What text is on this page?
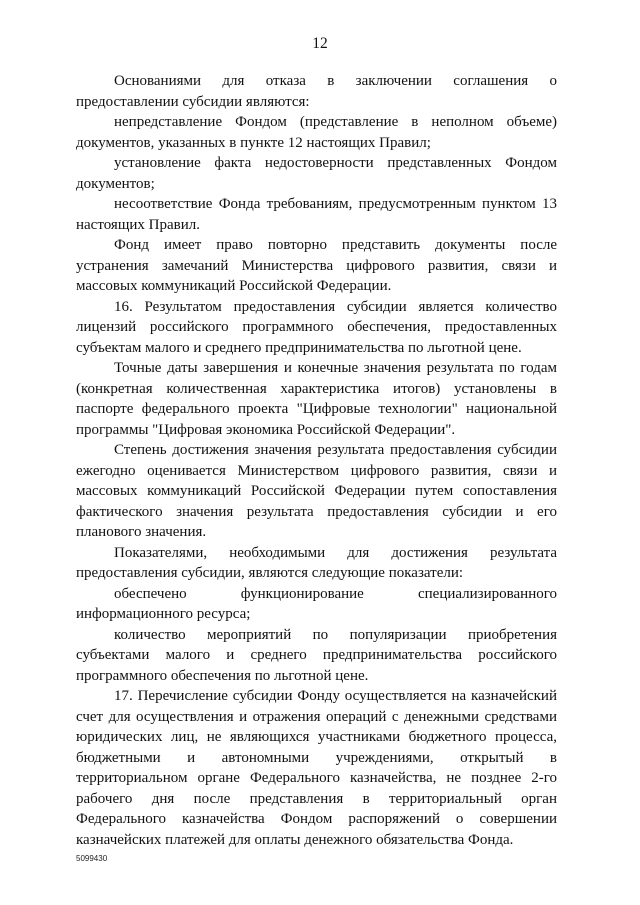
12

Основаниями для отказа в заключении соглашения о предоставлении субсидии являются:

непредставление Фондом (представление в неполном объеме) документов, указанных в пункте 12 настоящих Правил;

установление факта недостоверности представленных Фондом документов;

несоответствие Фонда требованиям, предусмотренным пунктом 13 настоящих Правил.

Фонд имеет право повторно представить документы после устранения замечаний Министерства цифрового развития, связи и массовых коммуникаций Российской Федерации.

16. Результатом предоставления субсидии является количество лицензий российского программного обеспечения, предоставленных субъектам малого и среднего предпринимательства по льготной цене.

Точные даты завершения и конечные значения результата по годам (конкретная количественная характеристика итогов) установлены в паспорте федерального проекта "Цифровые технологии" национальной программы "Цифровая экономика Российской Федерации".

Степень достижения значения результата предоставления субсидии ежегодно оценивается Министерством цифрового развития, связи и массовых коммуникаций Российской Федерации путем сопоставления фактического значения результата предоставления субсидии и его планового значения.

Показателями, необходимыми для достижения результата предоставления субсидии, являются следующие показатели:

обеспечено функционирование специализированного информационного ресурса;

количество мероприятий по популяризации приобретения субъектами малого и среднего предпринимательства российского программного обеспечения по льготной цене.

17. Перечисление субсидии Фонду осуществляется на казначейский счет для осуществления и отражения операций с денежными средствами юридических лиц, не являющихся участниками бюджетного процесса, бюджетными и автономными учреждениями, открытый в территориальном органе Федерального казначейства, не позднее 2-го рабочего дня после представления в территориальный орган Федерального казначейства Фондом распоряжений о совершении казначейских платежей для оплаты денежного обязательства Фонда.

5099430
